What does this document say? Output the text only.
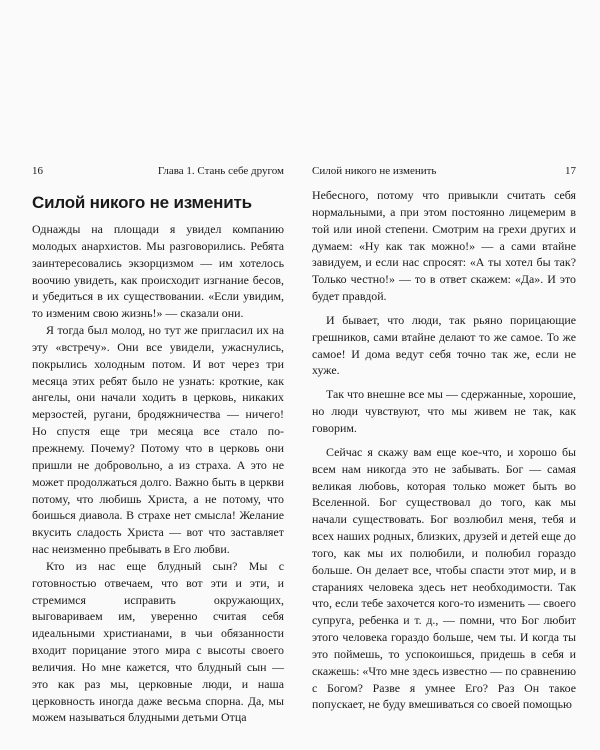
16	Глава 1. Стань себе другом
Силой никого не изменить

Однажды на площади я увидел компанию молодых анархистов. Мы разговорились. Ребята заинтересовались экзорцизмом — им хотелось воочию увидеть, как происходит изгнание бесов, и убедиться в их существовании. «Если увидим, то изменим свою жизнь!» — сказали они.

Я тогда был молод, но тут же пригласил их на эту «встречу». Они все увидели, ужаснулись, покрылись холодным потом. И вот через три месяца этих ребят было не узнать: кроткие, как ангелы, они начали ходить в церковь, никаких мерзостей, ругани, бродяжничества — ничего! Но спустя еще три месяца все стало по-прежнему. Почему? Потому что в церковь они пришли не добровольно, а из страха. А это не может продолжаться долго. Важно быть в церкви потому, что любишь Христа, а не потому, что боишься диавола. В страхе нет смысла! Желание вкусить сладость Христа — вот что заставляет нас неизменно пребывать в Его любви.

Кто из нас еще блудный сын? Мы с готовностью отвечаем, что вот эти и эти, и стремимся исправить окружающих, выговариваем им, уверенно считая себя идеальными христианами, в чьи обязанности входит порицание этого мира с высоты своего величия. Но мне кажется, что блудный сын — это как раз мы, церковные люди, и наша церковность иногда даже весьма спорна. Да, мы можем называться блудными детьми Отца

Силой никого не изменить	17

Небесного, потому что привыкли считать себя нормальными, а при этом постоянно лицемерим в той или иной степени. Смотрим на грехи других и думаем: «Ну как так можно!» — а сами втайне завидуем, и если нас спросят: «А ты хотел бы так? Только честно!» — то в ответ скажем: «Да». И это будет правдой.

И бывает, что люди, так рьяно порицающие грешников, сами втайне делают то же самое. То же самое! И дома ведут себя точно так же, если не хуже.

Так что внешне все мы — сдержанные, хорошие, но люди чувствуют, что мы живем не так, как говорим.

Сейчас я скажу вам еще кое-что, и хорошо бы всем нам никогда это не забывать. Бог — самая великая любовь, которая только может быть во Вселенной. Бог существовал до того, как мы начали существовать. Бог возлюбил меня, тебя и всех наших родных, близких, друзей и детей еще до того, как мы их полюбили, и полюбил гораздо больше. Он делает все, чтобы спасти этот мир, и в стараниях человека здесь нет необходимости. Так что, если тебе захочется кого-то изменить — своего супруга, ребенка и т. д., — помни, что Бог любит этого человека гораздо больше, чем ты. И когда ты это поймешь, то успокоишься, придешь в себя и скажешь: «Что мне здесь известно — по сравнению с Богом? Разве я умнее Его? Раз Он такое попускает, не буду вмешиваться со своей помощью
